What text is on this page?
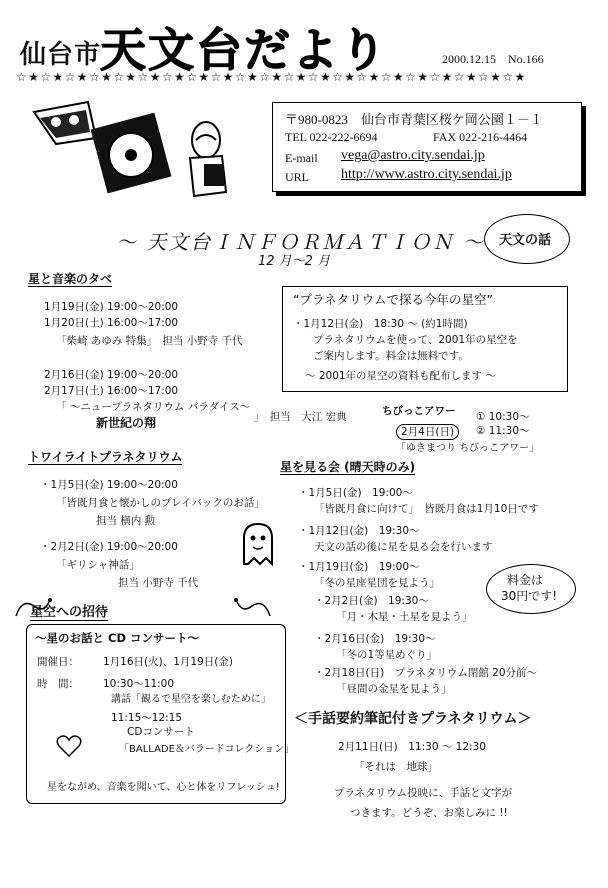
仙台市
天文台だより	2000.12.15 No.166
☆★☆★☆★☆★☆★☆★☆★☆★☆★☆★☆★☆★☆★☆★☆★☆★☆★☆★☆★☆★☆★
〒980-0823　仙台市青葉区桜ケ岡公園１－１
TEL 022-222-6694	FAX 022-216-4464
E-mail vega@astro.city.sendai.jp
URL http://www.astro.city.sendai.jp
～ 天文台ＩＮＦＯＲＭＡＴＩＯＮ ～
12 月～2 月
天文の話
星と音楽のタベ
1月19日(金) 19:00～20:00
1月20日(土) 16:00～17:00
「柴崎 あゆみ 特集」　担当 小野寺 千代
2月16日(金) 19:00～20:00
2月17日(土) 16:00～17:00
「 ～ニュープラネタリウム パラダイス～
新世紀の翔	」　担当　大江 宏典
“プラネタリウムで探る今年の星空”
・1月12日(金)　18:30 ～ (約1時間)
プラネタリウムを使って、2001年の星空を
ご案内します。料金は無料です。
～ 2001年の星空の資料も配布します ～
ちびっこアワー
2月4日(日)
① 10:30～
② 11:30～
「ゆきまつり ちびっこアワー」
トワイライトプラネタリウム
・1月5日(金) 19:00～20:00
「皆既月食と懐かしのプレイバックのお話」
担当 横内 勲
・2月2日(金) 19:00～20:00
「ギリシャ神話」
担当 小野寺 千代
星を見る会 (晴天時のみ)
・1月5日(金)　19:00～
「皆既月食に向けて」　皆既月食は1月10日です
・1月12日(金)　19:30～
天文の話の後に星を見る会を行います
・1月19日(金)　19:00～
「冬の星座星団を見よう」
・2月2日(金)　19:30～
「月・木星・土星を見よう」
・2月16日(金)　19:30～
「冬の1等星めぐり」
・2月18日(日)　プラネタリウム閉館 20分前～
「昼間の金星を見よう」
料金は
30円です!
星空への招待
～星のお話と CD コンサート～
開催日： 1月16日(火)、1月19日(金)
時　間： 10:30～11:00
講話「観るで星空を楽しむために」
11:15～12:15
CDコンサート
「BALLADE＆バラードコレクション」
星をながめ、音楽を聞いて、心と体をリフレッシュ!
＜手話要約筆記付きプラネタリウム＞
2月11日(日)　11:30 ～ 12:30
「それは　地球」
プラネタリウム投映に、手話と文字が
つきます。どうぞ、お楽しみに !!
